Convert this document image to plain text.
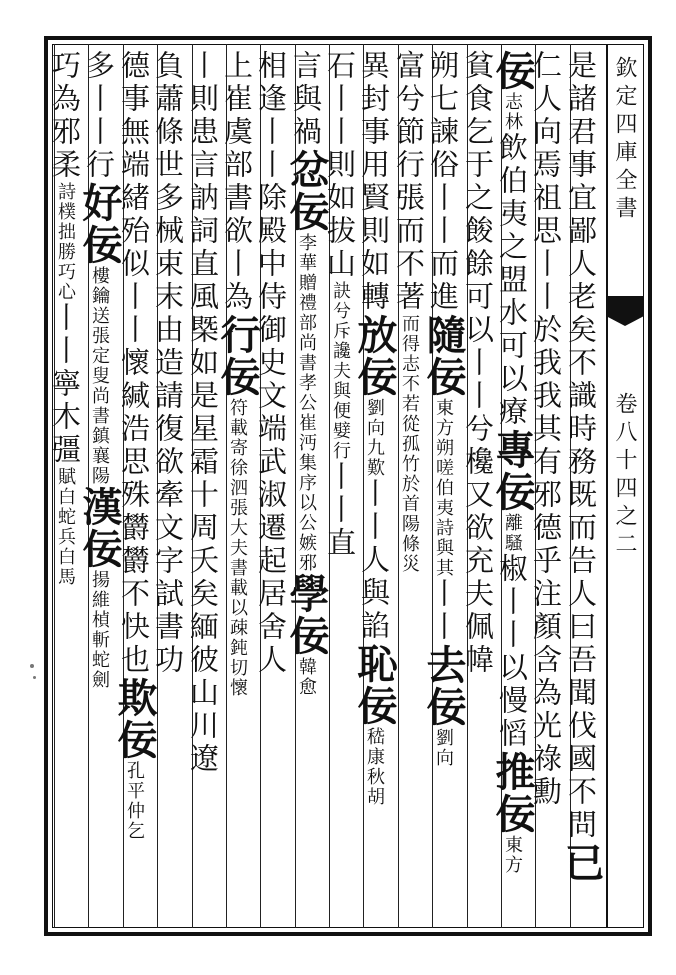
欽定四庫全書
卷八十四之二
是諸君事宜鄙人老矣不識時務既而告人曰吾聞伐國不問已
仁人向焉祖思丨丨於我我其有邪德乎注顏含為光祿勳
佞志林飲伯夷之盟水可以療專佞離騷椒丨丨以慢慆推佞東方
貧食乞于之餕餘可以丨丨兮欃又欲充夫佩幃
朔七諫俗丨丨而進隨佞東方朔嗟伯夷詩與其丨丨去佞劉向
富兮節行張而不著而得志不若從孤竹於首陽條災
異封事用賢則如轉放佞劉向九歎丨丨人與諂恥佞嵇康秋胡
石丨丨則如拔山訣兮斥讒夫與便嬖行丨丨直
言與禍忿佞李華贈禮部尚書孝公崔沔集序以公嫉邪學佞韓愈
相逢丨丨除殿中侍御史文端武淑遷起居舍人
上崔虞部書欲丨為行佞符載寄徐泗張大夫書載以疎鈍切懷
丨則患言訥詞直風槩如是星霜十周夭矣緬彼山川遼
負蕭條世多械束末由造請復欲牽文字試書功
德事無端緒殆似丨丨懷緘浩思殊欝欝不快也欺佞孔平仲乞
多丨丨行好佞樓鑰送張定叟尚書鎮襄陽漢佞揚維楨斬蛇劍
巧為邪柔詩樸拙勝巧心丨丨寧木彊賦白蛇兵白馬
